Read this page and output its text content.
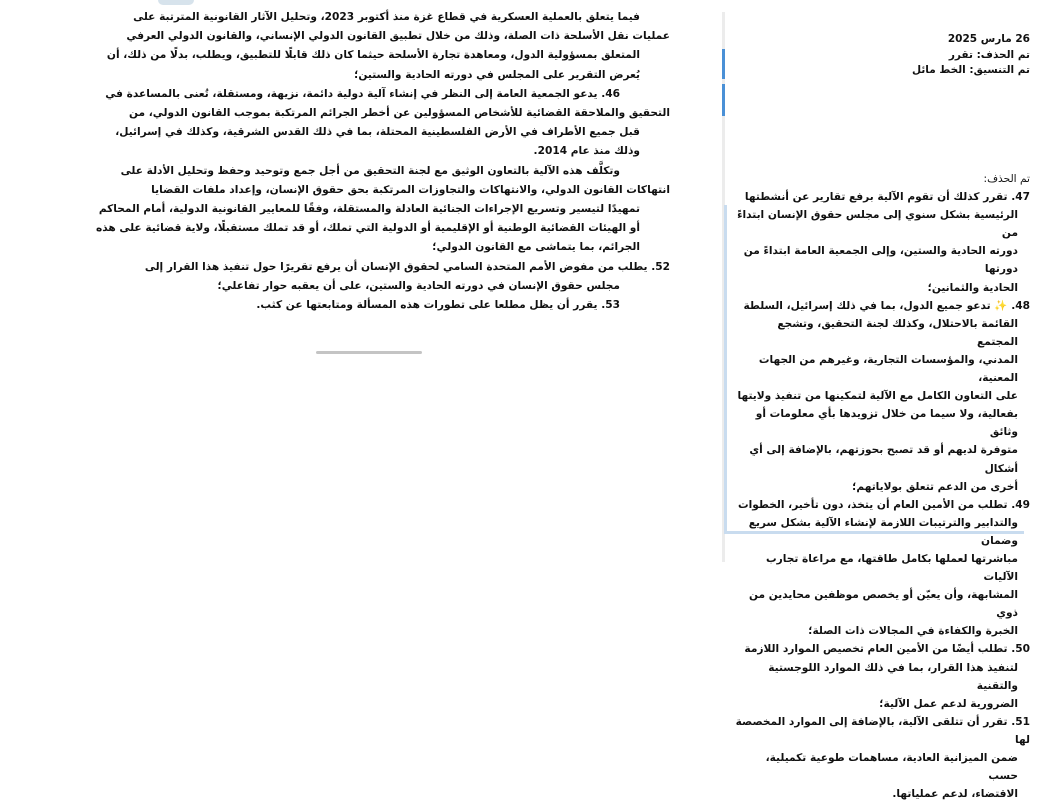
فيما يتعلق بالعملية العسكرية في قطاع غزة منذ أكتوبر 2023، وتحليل الآثار القانونية المترتبة على

عمليات نقل الأسلحة ذات الصلة، وذلك من خلال تطبيق القانون الدولي الإنساني، والقانون الدولي العرفي

المتعلق بمسؤولية الدول، ومعاهدة تجارة الأسلحة حيثما كان ذلك قابلًا للتطبيق، ويطلب، بدلًا من ذلك، أن

يُعرض التقرير على المجلس في دورته الحادية والستين؛

46. يدعو الجمعية العامة إلى النظر في إنشاء آلية دولية دائمة، نزيهة، ومستقلة، تُعنى بالمساعدة في

التحقيق والملاحقة القضائية للأشخاص المسؤولين عن أخطر الجرائم المرتكبة بموجب القانون الدولي، من

قبل جميع الأطراف في الأرض الفلسطينية المحتلة، بما في ذلك القدس الشرقية، وكذلك في إسرائيل،

وذلك منذ عام 2014.

وتكلَّف هذه الآلية بالتعاون الوثيق مع لجنة التحقيق من أجل جمع وتوحيد وحفظ وتحليل الأدلة على

انتهاكات القانون الدولي، والانتهاكات والتجاوزات المرتكبة بحق حقوق الإنسان، وإعداد ملفات القضايا

تمهيدًا لتيسير وتسريع الإجراءات الجنائية العادلة والمستقلة، وفقًا للمعايير القانونية الدولية، أمام المحاكم

أو الهيئات القضائية الوطنية أو الإقليمية أو الدولية التي تملك، أو قد تملك مستقبلًا، ولاية قضائية على هذه

الجرائم، بما يتماشى مع القانون الدولي؛

52. يطلب من مفوض الأمم المتحدة السامي لحقوق الإنسان أن يرفع تقريرًا حول تنفيذ هذا القرار إلى

مجلس حقوق الإنسان في دورته الحادية والستين، على أن يعقبه حوار تفاعلي؛

53. يقرر أن يظل مطلعا على تطورات هذه المسألة ومتابعتها عن كثب.

26 مارس 2025
تم الحذف: تقرر
تم التنسيق: الخط مائل

تم الحذف:

47. تقرر كذلك أن تقوم الآلية برفع تقارير عن أنشطتها

الرئيسية بشكل سنوي إلى مجلس حقوق الإنسان ابتداءً من

دورته الحادية والستين، وإلى الجمعية العامة ابتداءً من دورتها

الحادية والثمانين؛

48. ✨ تدعو جميع الدول، بما في ذلك إسرائيل، السلطة

القائمة بالاحتلال، وكذلك لجنة التحقيق، وتشجع المجتمع

المدني، والمؤسسات التجارية، وغيرهم من الجهات المعنية،

على التعاون الكامل مع الآلية لتمكينها من تنفيذ ولايتها

بفعالية، ولا سيما من خلال تزويدها بأي معلومات أو وثائق

متوفرة لديهم أو قد تصبح بحوزتهم، بالإضافة إلى أي أشكال

أخرى من الدعم تتعلق بولاياتهم؛

49. تطلب من الأمين العام أن يتخذ، دون تأخير، الخطوات

والتدابير والترتيبات اللازمة لإنشاء الآلية بشكل سريع وضمان

مباشرتها لعملها بكامل طاقتها، مع مراعاة تجارب الآليات

المشابهة، وأن يعيّن أو يخصص موظفين محايدين من ذوي

الخبرة والكفاءة في المجالات ذات الصلة؛

50. تطلب أيضًا من الأمين العام تخصيص الموارد اللازمة

لتنفيذ هذا القرار، بما في ذلك الموارد اللوجستية والتقنية

الضرورية لدعم عمل الآلية؛

51. تقرر أن تتلقى الآلية، بالإضافة إلى الموارد المخصصة لها

ضمن الميزانية العادية، مساهمات طوعية تكميلية، حسب

الاقتضاء، لدعم عملياتها.
